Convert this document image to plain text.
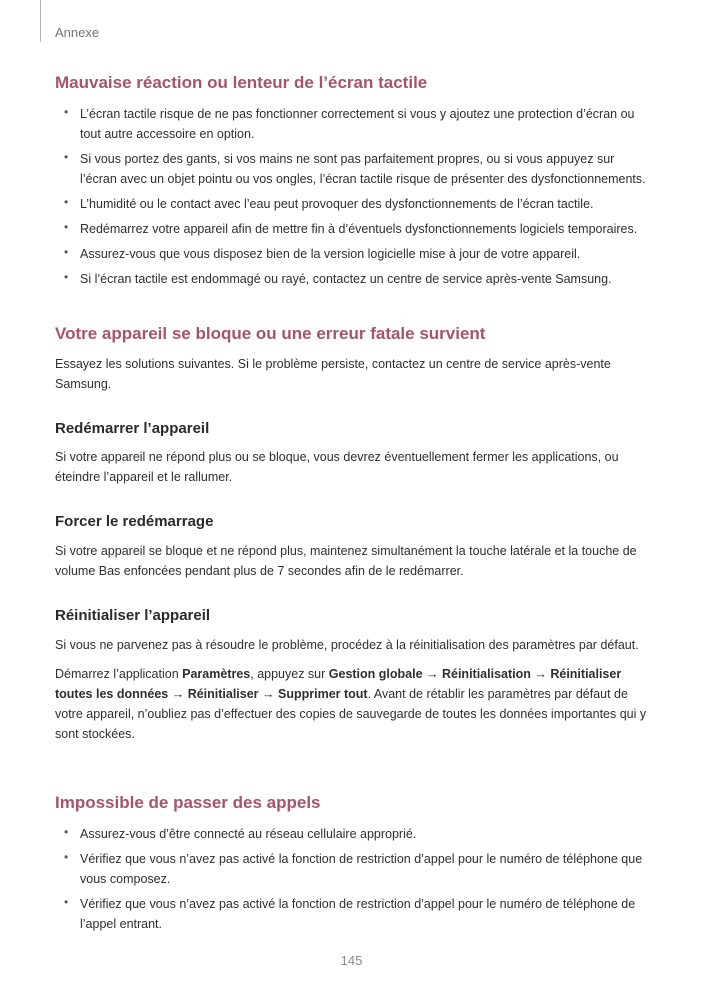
Annexe
Mauvaise réaction ou lenteur de l’écran tactile
• L’écran tactile risque de ne pas fonctionner correctement si vous y ajoutez une protection d’écran ou tout autre accessoire en option.
• Si vous portez des gants, si vos mains ne sont pas parfaitement propres, ou si vous appuyez sur l’écran avec un objet pointu ou vos ongles, l’écran tactile risque de présenter des dysfonctionnements.
• L’humidité ou le contact avec l’eau peut provoquer des dysfonctionnements de l’écran tactile.
• Redémarrez votre appareil afin de mettre fin à d’éventuels dysfonctionnements logiciels temporaires.
• Assurez-vous que vous disposez bien de la version logicielle mise à jour de votre appareil.
• Si l’écran tactile est endommagé ou rayé, contactez un centre de service après-vente Samsung.
Votre appareil se bloque ou une erreur fatale survient

Essayez les solutions suivantes. Si le problème persiste, contactez un centre de service après-vente Samsung.

Redémarrer l’appareil

Si votre appareil ne répond plus ou se bloque, vous devrez éventuellement fermer les applications, ou éteindre l’appareil et le rallumer.

Forcer le redémarrage

Si votre appareil se bloque et ne répond plus, maintenez simultanément la touche latérale et la touche de volume Bas enfoncées pendant plus de 7 secondes afin de le redémarrer.

Réinitialiser l’appareil

Si vous ne parvenez pas à résoudre le problème, procédez à la réinitialisation des paramètres par défaut.

Démarrez l’application Paramètres, appuyez sur Gestion globale → Réinitialisation → Réinitialiser toutes les données → Réinitialiser → Supprimer tout. Avant de rétablir les paramètres par défaut de votre appareil, n’oubliez pas d’effectuer des copies de sauvegarde de toutes les données importantes qui y sont stockées.

Impossible de passer des appels
• Assurez-vous d’être connecté au réseau cellulaire approprié.
• Vérifiez que vous n’avez pas activé la fonction de restriction d’appel pour le numéro de téléphone que vous composez.
• Vérifiez que vous n’avez pas activé la fonction de restriction d’appel pour le numéro de téléphone de l’appel entrant.
145
